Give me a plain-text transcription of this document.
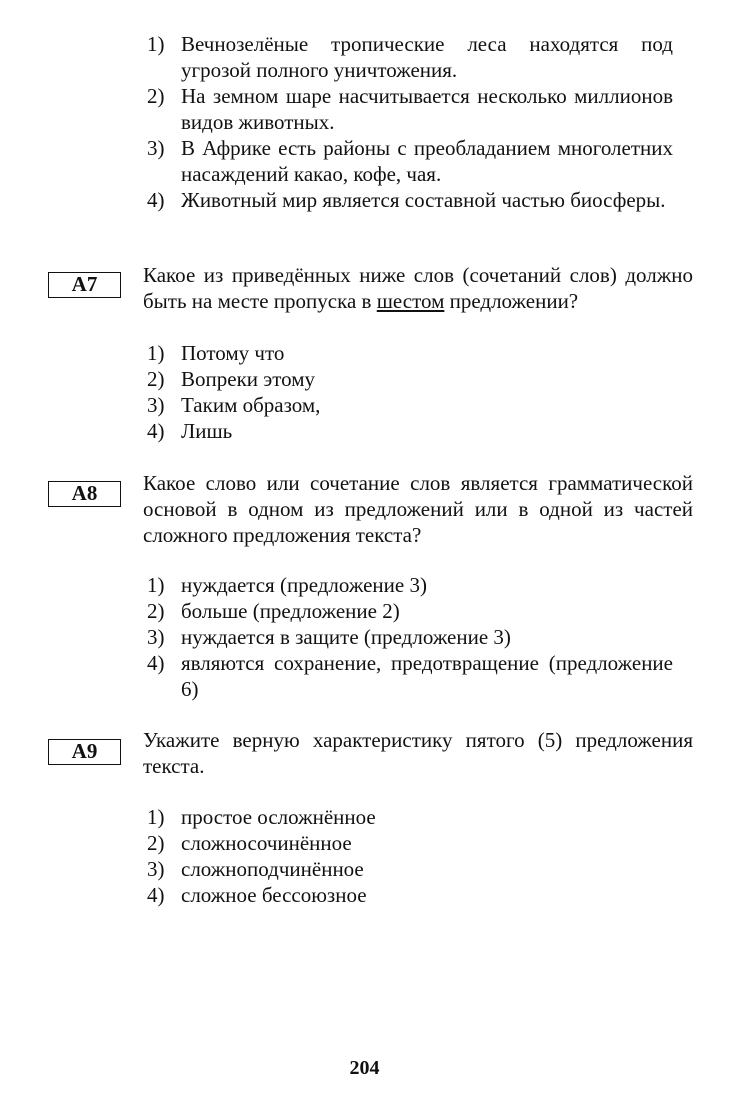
1) Вечнозелёные тропические леса находятся под угрозой полного уничтожения.
2) На земном шаре насчитывается несколько миллионов видов животных.
3) В Африке есть районы с преобладанием многолетних насаждений какао, кофе, чая.
4) Животный мир является составной частью биосферы.
A7	Какое из приведённых ниже слов (сочетаний слов) должно быть на месте пропуска в шестом предложении?
1) Потому что
2) Вопреки этому
3) Таким образом,
4) Лишь
A8	Какое слово или сочетание слов является грамматической основой в одном из предложений или в одной из частей сложного предложения текста?
1) нуждается (предложение 3)
2) больше (предложение 2)
3) нуждается в защите (предложение 3)
4) являются сохранение, предотвращение (предложение 6)
A9	Укажите верную характеристику пятого (5) предложения текста.
1) простое осложнённое
2) сложносочинённое
3) сложноподчинённое
4) сложное бессоюзное
204
